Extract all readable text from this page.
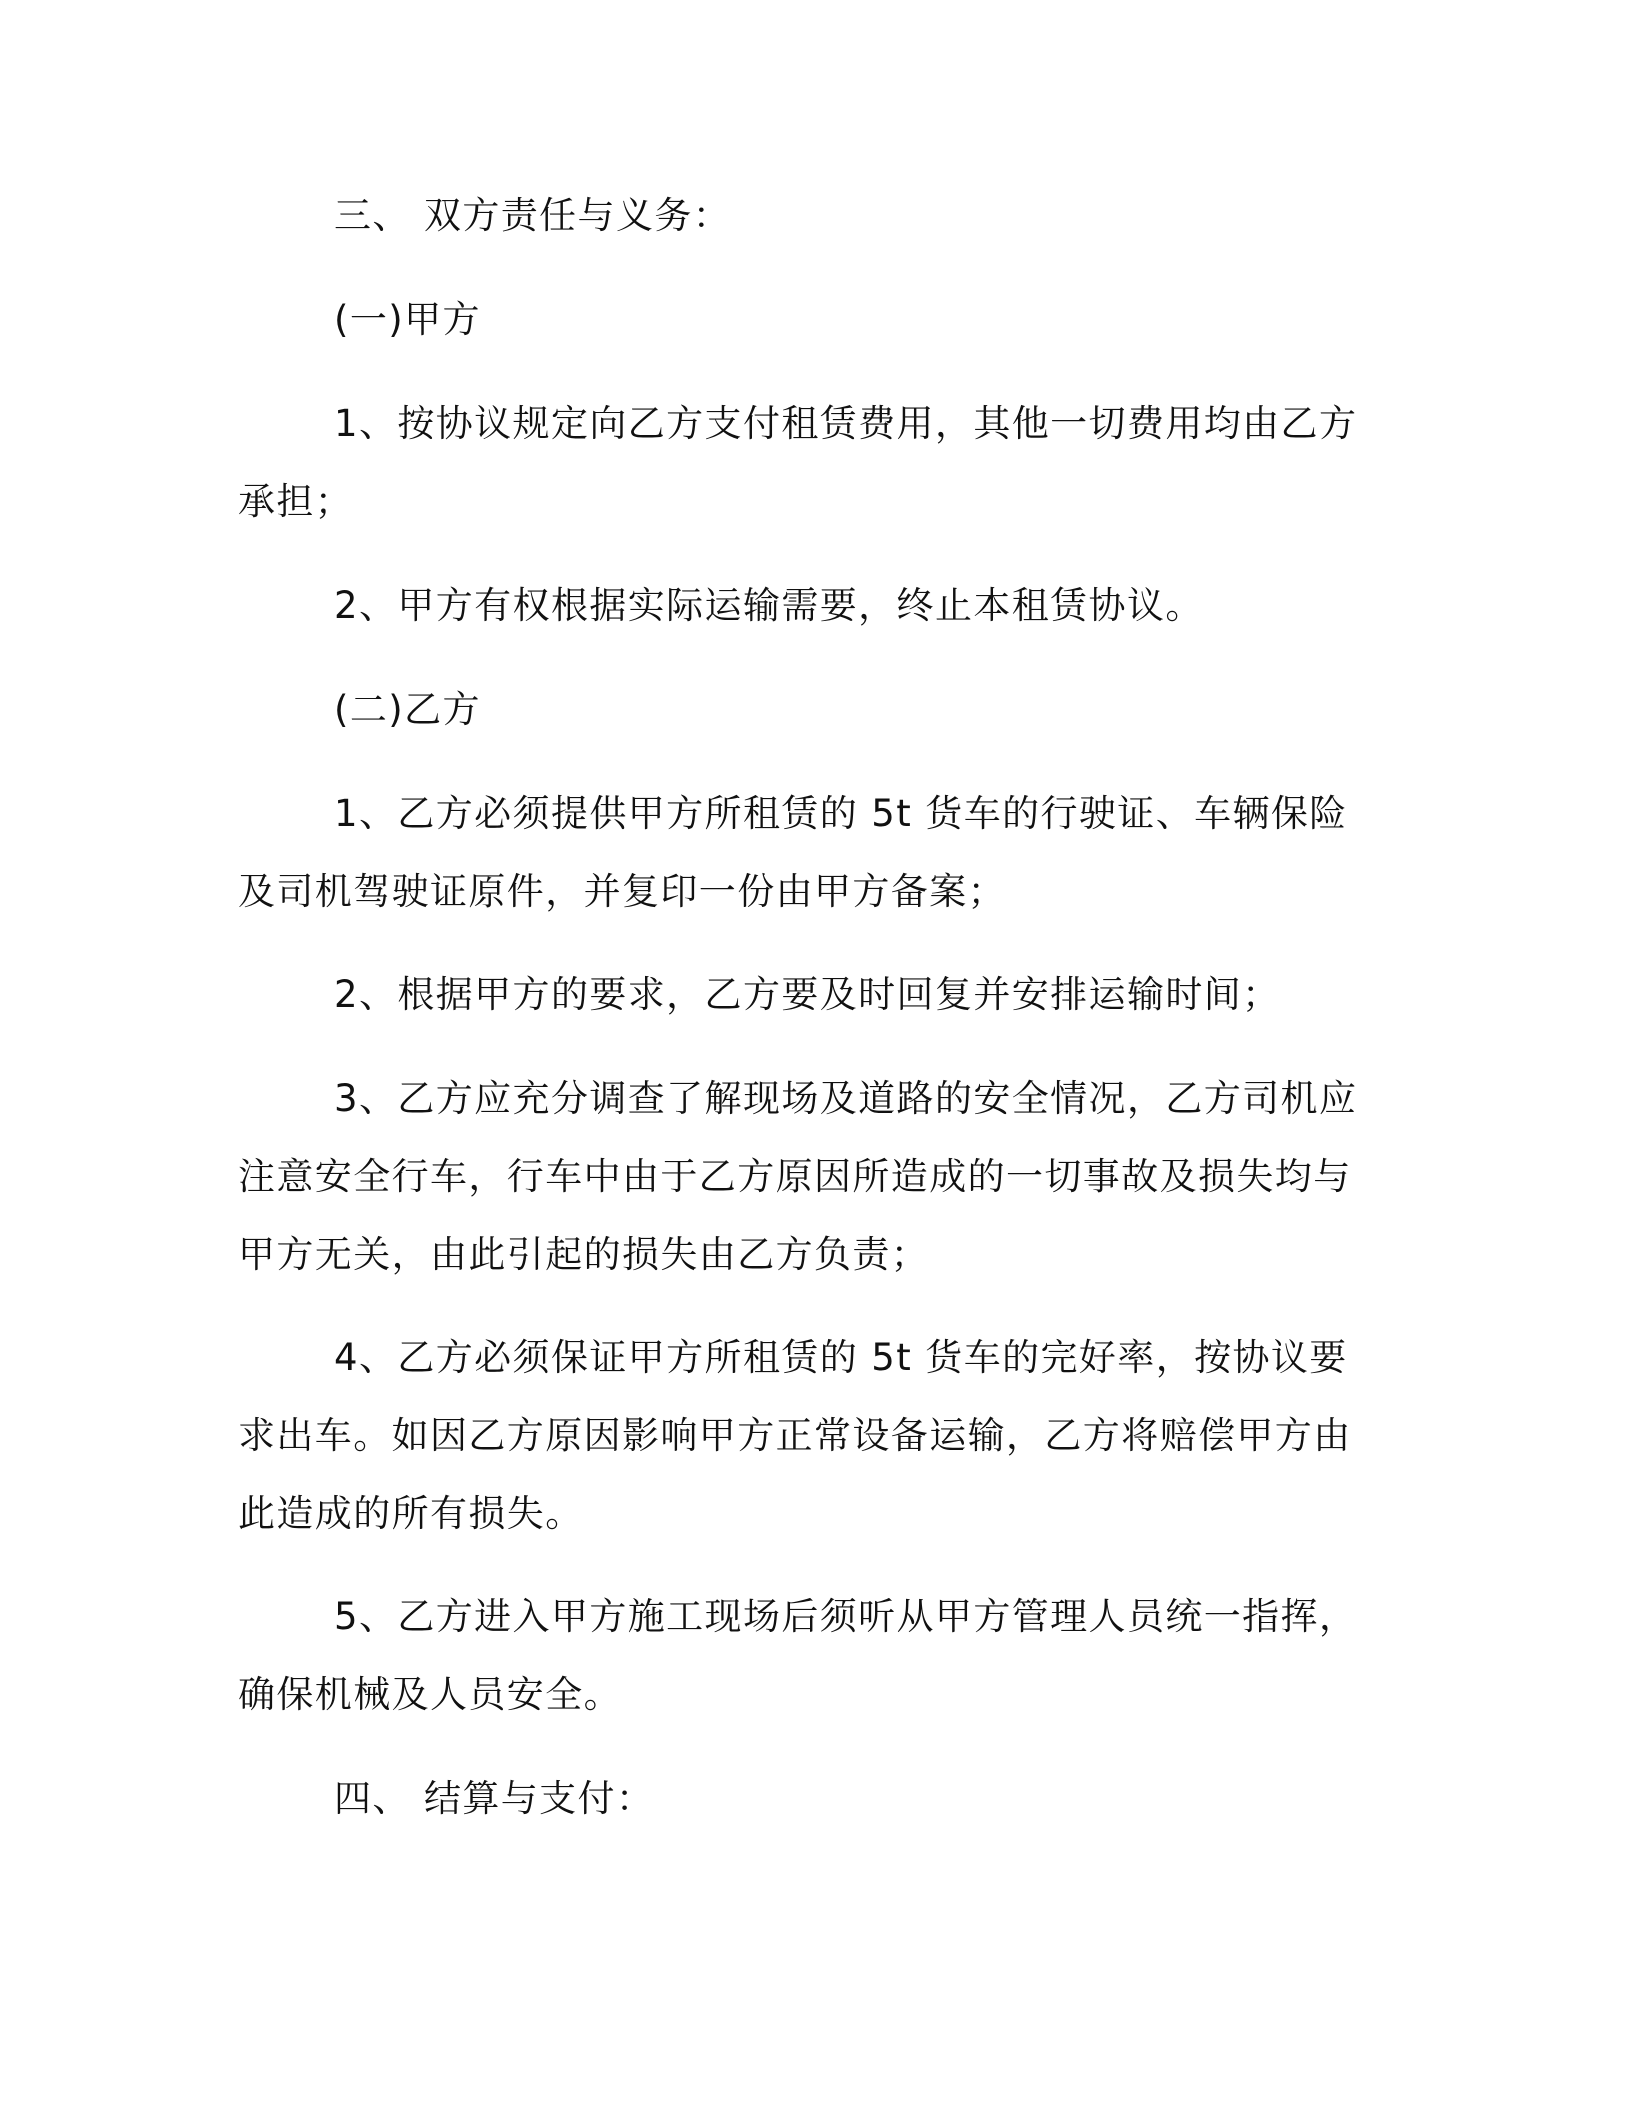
三、 双方责任与义务：

(一)甲方

1、按协议规定向乙方支付租赁费用，其他一切费用均由乙方承担；

2、甲方有权根据实际运输需要，终止本租赁协议。

(二)乙方

1、乙方必须提供甲方所租赁的 5t 货车的行驶证、车辆保险及司机驾驶证原件，并复印一份由甲方备案；

2、根据甲方的要求，乙方要及时回复并安排运输时间；

3、乙方应充分调查了解现场及道路的安全情况，乙方司机应注意安全行车，行车中由于乙方原因所造成的一切事故及损失均与甲方无关，由此引起的损失由乙方负责；

4、乙方必须保证甲方所租赁的 5t 货车的完好率，按协议要求出车。如因乙方原因影响甲方正常设备运输，乙方将赔偿甲方由此造成的所有损失。

5、乙方进入甲方施工现场后须听从甲方管理人员统一指挥，确保机械及人员安全。

四、 结算与支付：
